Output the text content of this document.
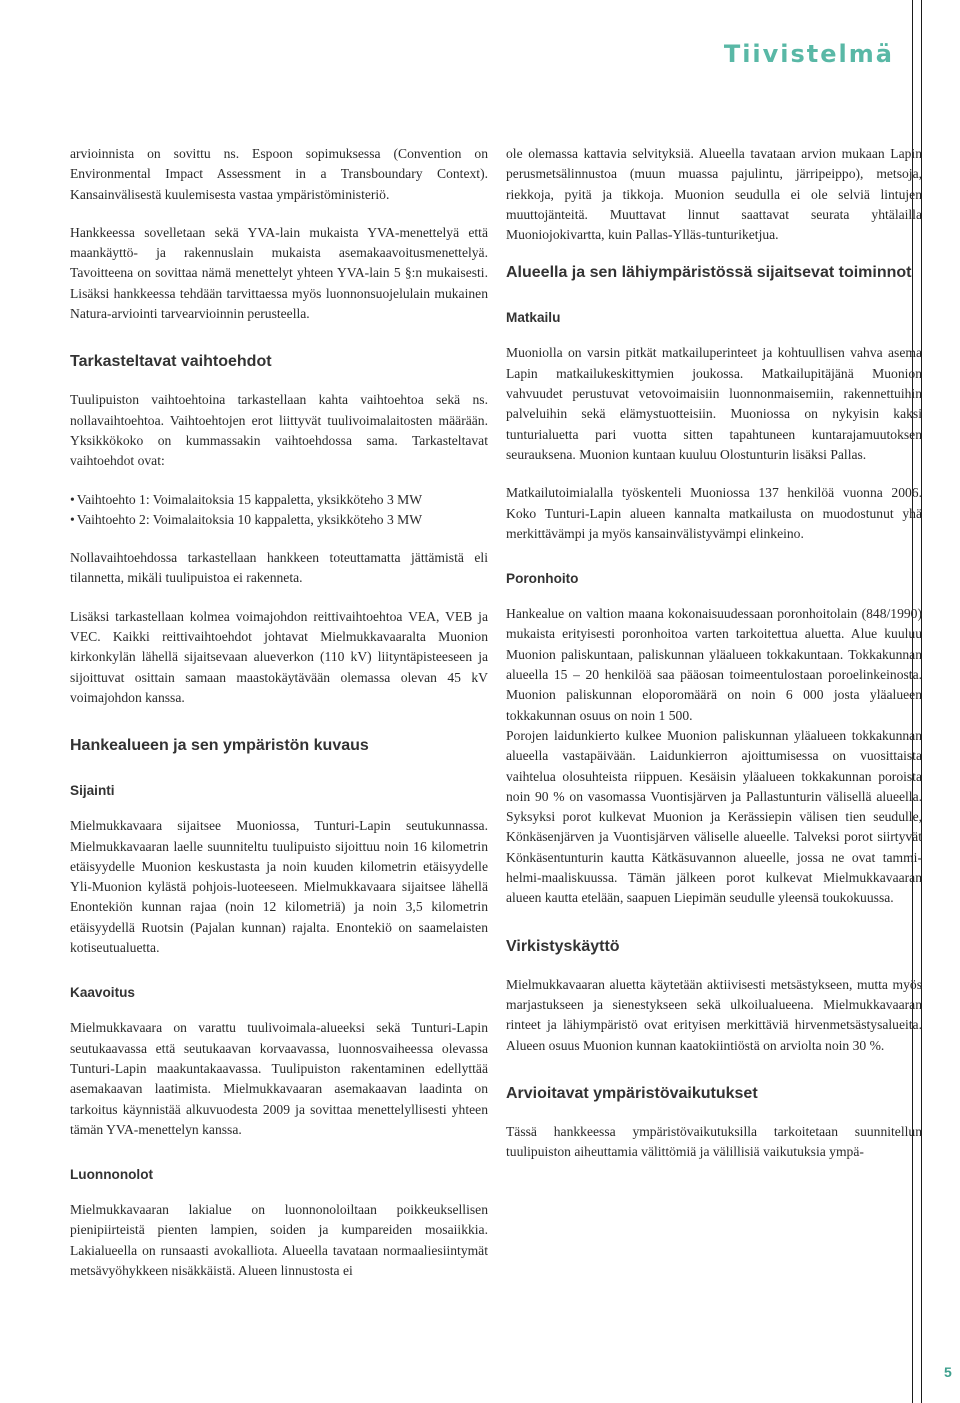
Tiivistelmä

arvioinnista on sovittu ns. Espoon sopimuksessa (Convention on Environmental Impact Assessment in a Transboundary Context). Kansainvälisestä kuulemisesta vastaa ympäristöministeriö.

Hankkeessa sovelletaan sekä YVA-lain mukaista YVA-menettelyä että maankäyttö- ja rakennuslain mukaista asemakaavoitusmenettelyä. Tavoitteena on sovittaa nämä menettelyt yhteen YVA-lain 5 §:n mukaisesti. Lisäksi hankkeessa tehdään tarvittaessa myös luonnonsuojelulain mukainen Natura-arviointi tarvearvioinnin perusteella.

Tarkasteltavat vaihtoehdot

Tuulipuiston vaihtoehtoina tarkastellaan kahta vaihtoehtoa sekä ns. nollavaihtoehtoa. Vaihtoehtojen erot liittyvät tuulivoimalaitosten määrään. Yksikkökoko on kummassakin vaihtoehdossa sama. Tarkasteltavat vaihtoehdot ovat:

• Vaihtoehto 1: Voimalaitoksia 15 kappaletta, yksikköteho 3 MW
• Vaihtoehto 2: Voimalaitoksia 10 kappaletta, yksikköteho 3 MW

Nollavaihtoehdossa tarkastellaan hankkeen toteuttamatta jättämistä eli tilannetta, mikäli tuulipuistoa ei rakenneta.

Lisäksi tarkastellaan kolmea voimajohdon reittivaihtoehtoa VEA, VEB ja VEC. Kaikki reittivaihtoehdot johtavat Mielmukkavaaralta Muonion kirkonkylän lähellä sijaitsevaan alueverkon (110 kV) liityntäpisteeseen ja sijoittuvat osittain samaan maastokäytävään olemassa olevan 45 kV voimajohdon kanssa.

Hankealueen ja sen ympäristön kuvaus
Sijainti

Mielmukkavaara sijaitsee Muoniossa, Tunturi-Lapin seutukunnassa. Mielmukkavaaran laelle suunniteltu tuulipuisto sijoittuu noin 16 kilometrin etäisyydelle Muonion keskustasta ja noin kuuden kilometrin etäisyydelle Yli-Muonion kylästä pohjois-luoteeseen. Mielmukkavaara sijaitsee lähellä Enontekiön kunnan rajaa (noin 12 kilometriä) ja noin 3,5 kilometrin etäisyydellä Ruotsin (Pajalan kunnan) rajalta. Enontekiö on saamelaisten kotiseutualuetta.

Kaavoitus

Mielmukkavaara on varattu tuulivoimala-alueeksi sekä Tunturi-Lapin seutukaavassa että seutukaavan korvaavassa, luonnosvaiheessa olevassa Tunturi-Lapin maakuntakaavassa. Tuulipuiston rakentaminen edellyttää asemakaavan laatimista. Mielmukkavaaran asemakaavan laadinta on tarkoitus käynnistää alkuvuodesta 2009 ja sovittaa menettelyllisesti yhteen tämän YVA-menettelyn kanssa.

Luonnonolot

Mielmukkavaaran lakialue on luonnonoloiltaan poikkeuksellisen pienipiirteistä pienten lampien, soiden ja kumpareiden mosaiikkia. Lakialueella on runsaasti avokalliota. Alueella tavataan normaaliesiintymät metsävyöhykkeen nisäkkäistä. Alueen linnustosta ei

ole olemassa kattavia selvityksiä. Alueella tavataan arvion mukaan Lapin perusmetsälinnustoa (muun muassa pajulintu, järripeippo), metsoja, riekkoja, pyitä ja tikkoja. Muonion seudulla ei ole selviä lintujen muuttojänteitä. Muuttavat linnut saattavat seurata yhtälailla Muoniojokivartta, kuin Pallas-Ylläs-tunturiketjua.

Alueella ja sen lähiympäristössä sijaitsevat toiminnot
Matkailu

Muoniolla on varsin pitkät matkailuperinteet ja kohtuullisen vahva asema Lapin matkailukeskittymien joukossa. Matkailupitäjänä Muonion vahvuudet perustuvat vetovoimaisiin luonnonmaisemiin, rakennettuihin palveluihin sekä elämystuotteisiin. Muoniossa on nykyisin kaksi tunturialuetta pari vuotta sitten tapahtuneen kuntarajamuutoksen seurauksena. Muonion kuntaan kuuluu Olostunturin lisäksi Pallas.

Matkailutoimialalla työskenteli Muoniossa 137 henkilöä vuonna 2006. Koko Tunturi-Lapin alueen kannalta matkailusta on muodostunut yhä merkittävämpi ja myös kansainvälistyvämpi elinkeino.

Poronhoito

Hankealue on valtion maana kokonaisuudessaan poronhoitolain (848/1990) mukaista erityisesti poronhoitoa varten tarkoitettua aluetta. Alue kuuluu Muonion paliskuntaan, paliskunnan yläalueen tokkakuntaan. Tokkakunnan alueella 15 – 20 henkilöä saa pääosan toimeentulostaan poroelinkeinosta. Muonion paliskunnan eloporomäärä on noin 6 000 josta yläalueen tokkakunnan osuus on noin 1 500.

Porojen laidunkierto kulkee Muonion paliskunnan yläalueen tokkakunnan alueella vastapäivään. Laidunkierron ajoittumisessa on vuosittaista vaihtelua olosuhteista riippuen. Kesäisin yläalueen tokkakunnan poroista noin 90 % on vasomassa Vuontisjärven ja Pallastunturin välisellä alueella. Syksyksi porot kulkevat Muonion ja Kerässiepin välisen tien seudulle, Könkäsenjärven ja Vuontisjärven väliselle alueelle. Talveksi porot siirtyvät Könkäsentunturin kautta Kätkäsuvannon alueelle, jossa ne ovat tammi-helmi-maaliskuussa. Tämän jälkeen porot kulkevat Mielmukkavaaran alueen kautta etelään, saapuen Liepimän seudulle yleensä toukokuussa.

Virkistyskäyttö

Mielmukkavaaran aluetta käytetään aktiivisesti metsästykseen, mutta myös marjastukseen ja sienestykseen sekä ulkoilualueena. Mielmukkavaaran rinteet ja lähiympäristö ovat erityisen merkittäviä hirvenmetsästysalueita. Alueen osuus Muonion kunnan kaatokiintiöstä on arviolta noin 30 %.

Arvioitavat ympäristövaikutukset

Tässä hankkeessa ympäristövaikutuksilla tarkoitetaan suunnitellun tuulipuiston aiheuttamia välittömiä ja välillisiä vaikutuksia ympä-

5
